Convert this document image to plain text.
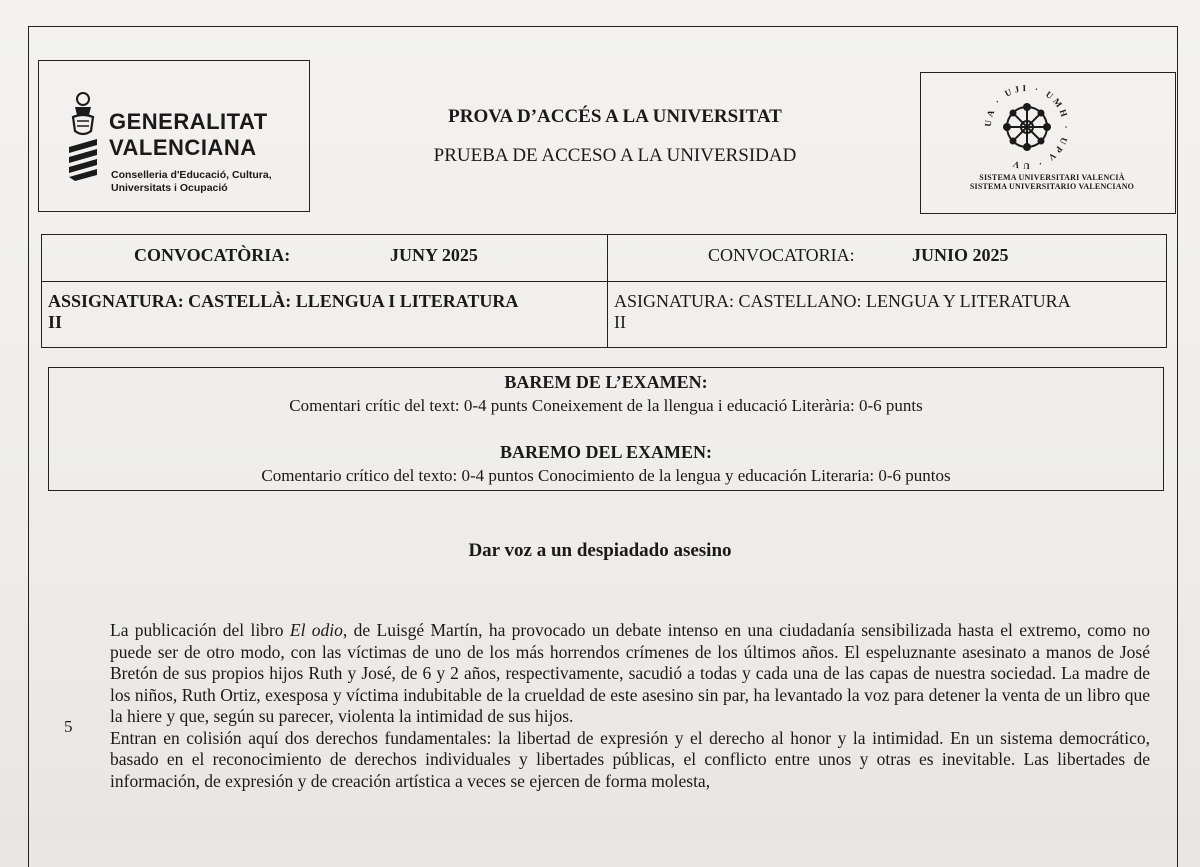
GENERALITAT
VALENCIANA
Conselleria d'Educació, Cultura,
Universitats i Ocupació
PROVA D’ACCÉS A LA UNIVERSITAT
PRUEBA DE ACCESO A LA UNIVERSIDAD
UA · UJI · UMH · UPV · UV
SISTEMA UNIVERSITARI VALENCIÀ
SISTEMA UNIVERSITARIO VALENCIANO
CONVOCATÒRIA:	JUNY 2025	CONVOCATORIA:	JUNIO 2025
ASSIGNATURA: CASTELLÀ: LLENGUA I LITERATURA
II
ASIGNATURA: CASTELLANO: LENGUA Y LITERATURA
II
BAREM DE L’EXAMEN:
Comentari crític del text: 0-4 punts Coneixement de la llengua i educació Literària: 0-6 punts
BAREMO DEL EXAMEN:
Comentario crítico del texto: 0-4 puntos Conocimiento de la lengua y educación Literaria: 0-6 puntos
Dar voz a un despiadado asesino
5

La publicación del libro El odio, de Luisgé Martín, ha provocado un debate intenso en una ciudadanía sensibilizada hasta el extremo, como no puede ser de otro modo, con las víctimas de uno de los más horrendos crímenes de los últimos años. El espeluznante asesinato a manos de José Bretón de sus propios hijos Ruth y José, de 6 y 2 años, respectivamente, sacudió a todas y cada una de las capas de nuestra sociedad. La madre de los niños, Ruth Ortiz, exesposa y víctima indubitable de la crueldad de este asesino sin par, ha levantado la voz para detener la venta de un libro que la hiere y que, según su parecer, violenta la intimidad de sus hijos.

Entran en colisión aquí dos derechos fundamentales: la libertad de expresión y el derecho al honor y la intimidad. En un sistema democrático, basado en el reconocimiento de derechos individuales y libertades públicas, el conflicto entre unos y otras es inevitable. Las libertades de información, de expresión y de creación artística a veces se ejercen de forma molesta,
